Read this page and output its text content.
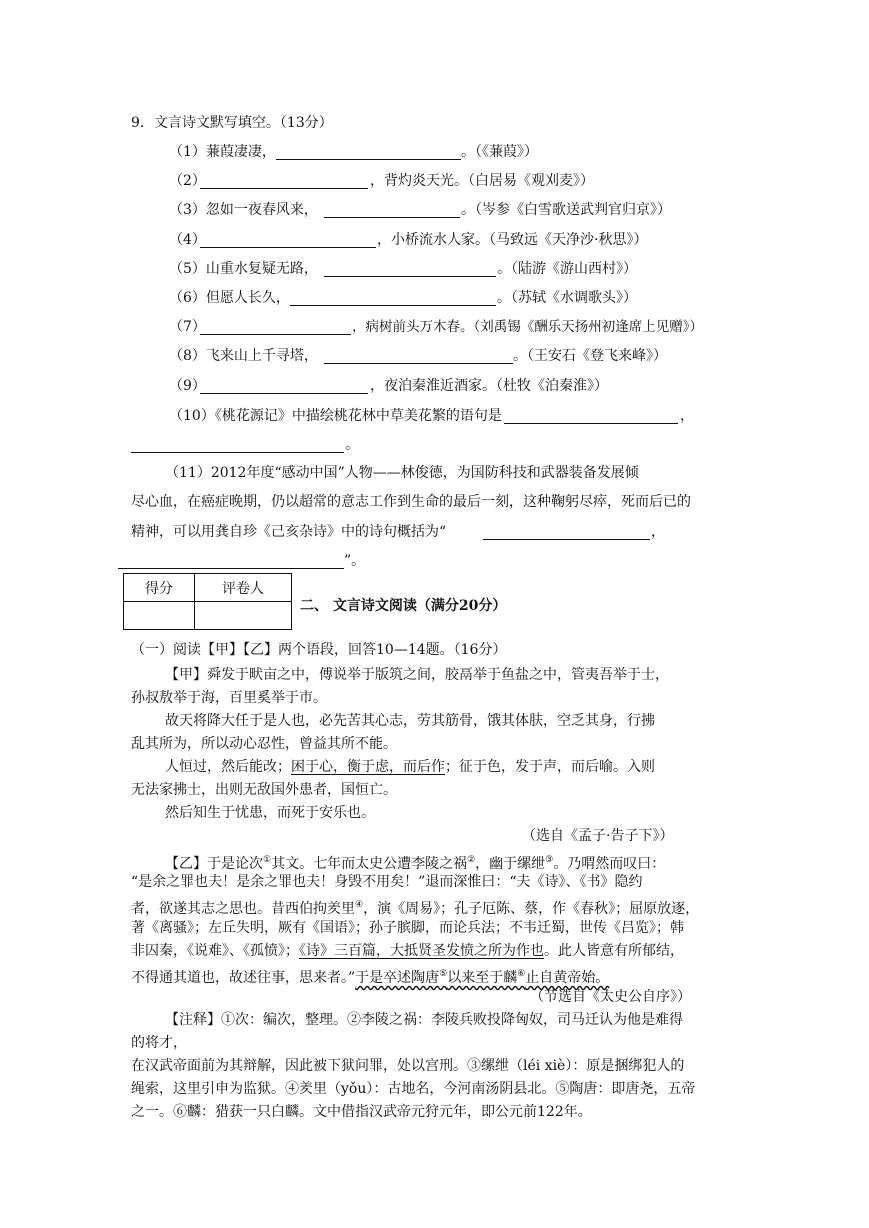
9．文言诗文默写填空。（13分）
（1）蒹葭凄凄，	。（《蒹葭》）
（2）	，背灼炎天光。（白居易《观刈麦》）
（3）忽如一夜春风来，	。（岑参《白雪歌送武判官归京》）
（4）	，小桥流水人家。（马致远《天净沙·秋思》）
（5）山重水复疑无路，	。（陆游《游山西村》）
（6）但愿人长久，	。（苏轼《水调歌头》）
（7）	，病树前头万木春。（刘禹锡《酬乐天扬州初逢席上见赠》）
（8）飞来山上千寻塔，	。（王安石《登飞来峰》）
（9）	，夜泊秦淮近酒家。（杜牧《泊秦淮》）
（10）《桃花源记》中描绘桃花林中草美花繁的语句是	，
。
（11）2012年度“感动中国”人物——林俊德，为国防科技和武器装备发展倾
尽心血，在癌症晚期，仍以超常的意志工作到生命的最后一刻，这种鞠躬尽瘁，死而后已的
精神，可以用龚自珍《己亥杂诗》中的诗句概括为“	，
”。
得分	评卷人

二、 文言诗文阅读（满分20分）
（一）阅读【甲】【乙】两个语段，回答10—14题。（16分）
【甲】舜发于畎亩之中，傅说举于版筑之间，胶鬲举于鱼盐之中，管夷吾举于士，
孙叔敖举于海，百里奚举于市。
故天将降大任于是人也，必先苦其心志，劳其筋骨，饿其体肤，空乏其身，行拂
乱其所为，所以动心忍性，曾益其所不能。
人恒过，然后能改；困于心，衡于虑，而后作；征于色，发于声，而后喻。入则
无法家拂士，出则无敌国外患者，国恒亡。
然后知生于忧患，而死于安乐也。
（选自《孟子·告子下》）
【乙】于是论次①其文。七年而太史公遭李陵之祸②，幽于缧绁③。乃喟然而叹曰：
“是余之罪也夫！是余之罪也夫！身毁不用矣！”退而深惟曰：“夫《诗》、《书》隐约
者，欲遂其志之思也。昔西伯拘羑里④，演《周易》；孔子厄陈、蔡，作《春秋》；屈原放逐，
著《离骚》；左丘失明，厥有《国语》；孙子膑脚，而论兵法；不韦迁蜀，世传《吕览》；韩
非囚秦，《说难》、《孤愤》；《诗》三百篇，大抵贤圣发愤之所为作也。此人皆意有所郁结，
不得通其道也，故述往事，思来者。”于是卒述陶唐⑤以来至于麟⑥止自黄帝始。
（节选自《太史公自序》）
【注释】①次：编次，整理。②李陵之祸：李陵兵败投降匈奴，司马迁认为他是难得
的将才，
在汉武帝面前为其辩解，因此被下狱问罪，处以宫刑。③缧绁（léi xiè）：原是捆绑犯人的
绳索，这里引申为监狱。④羑里（yǒu）：古地名，今河南汤阴县北。⑤陶唐：即唐尧，五帝
之一。⑥麟：猎获一只白麟。文中借指汉武帝元狩元年，即公元前122年。
